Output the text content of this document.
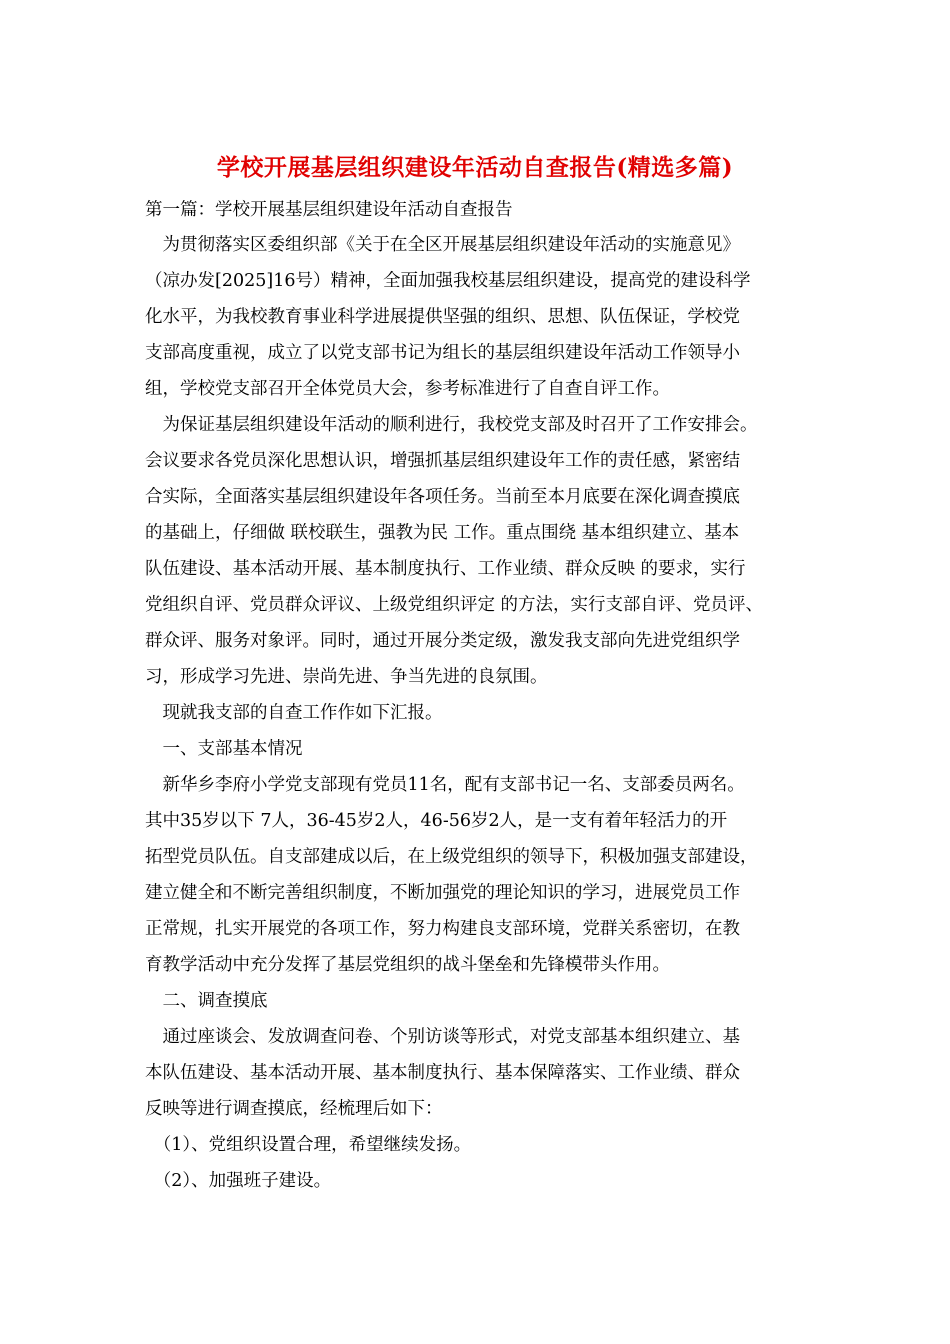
学校开展基层组织建设年活动自查报告(精选多篇)
第一篇：学校开展基层组织建设年活动自查报告
　为贯彻落实区委组织部《关于在全区开展基层组织建设年活动的实施意见》
（凉办发[2025]16号）精神，全面加强我校基层组织建设，提高党的建设科学
化水平，为我校教育事业科学进展提供坚强的组织、思想、队伍保证，学校党
支部高度重视，成立了以党支部书记为组长的基层组织建设年活动工作领导小
组，学校党支部召开全体党员大会，参考标准进行了自查自评工作。
　为保证基层组织建设年活动的顺利进行，我校党支部及时召开了工作安排会。
会议要求各党员深化思想认识，增强抓基层组织建设年工作的责任感，紧密结
合实际，全面落实基层组织建设年各项任务。当前至本月底要在深化调查摸底
的基础上，仔细做 联校联生，强教为民 工作。重点围绕 基本组织建立、基本
队伍建设、基本活动开展、基本制度执行、工作业绩、群众反映 的要求，实行
党组织自评、党员群众评议、上级党组织评定 的方法，实行支部自评、党员评、
群众评、服务对象评。同时，通过开展分类定级，激发我支部向先进党组织学
习，形成学习先进、崇尚先进、争当先进的良氛围。
　现就我支部的自查工作作如下汇报。
　一、支部基本情况
　新华乡李府小学党支部现有党员11名，配有支部书记一名、支部委员两名。
其中35岁以下 7人，36-45岁2人，46-56岁2人，是一支有着年轻活力的开
拓型党员队伍。自支部建成以后，在上级党组织的领导下，积极加强支部建设，
建立健全和不断完善组织制度，不断加强党的理论知识的学习，进展党员工作
正常规，扎实开展党的各项工作，努力构建良支部环境，党群关系密切，在教
育教学活动中充分发挥了基层党组织的战斗堡垒和先锋模带头作用。
　二、调查摸底
　通过座谈会、发放调查问卷、个别访谈等形式，对党支部基本组织建立、基
本队伍建设、基本活动开展、基本制度执行、基本保障落实、工作业绩、群众
反映等进行调查摸底，经梳理后如下：
　（1）、党组织设置合理，希望继续发扬。
　（2）、加强班子建设。
